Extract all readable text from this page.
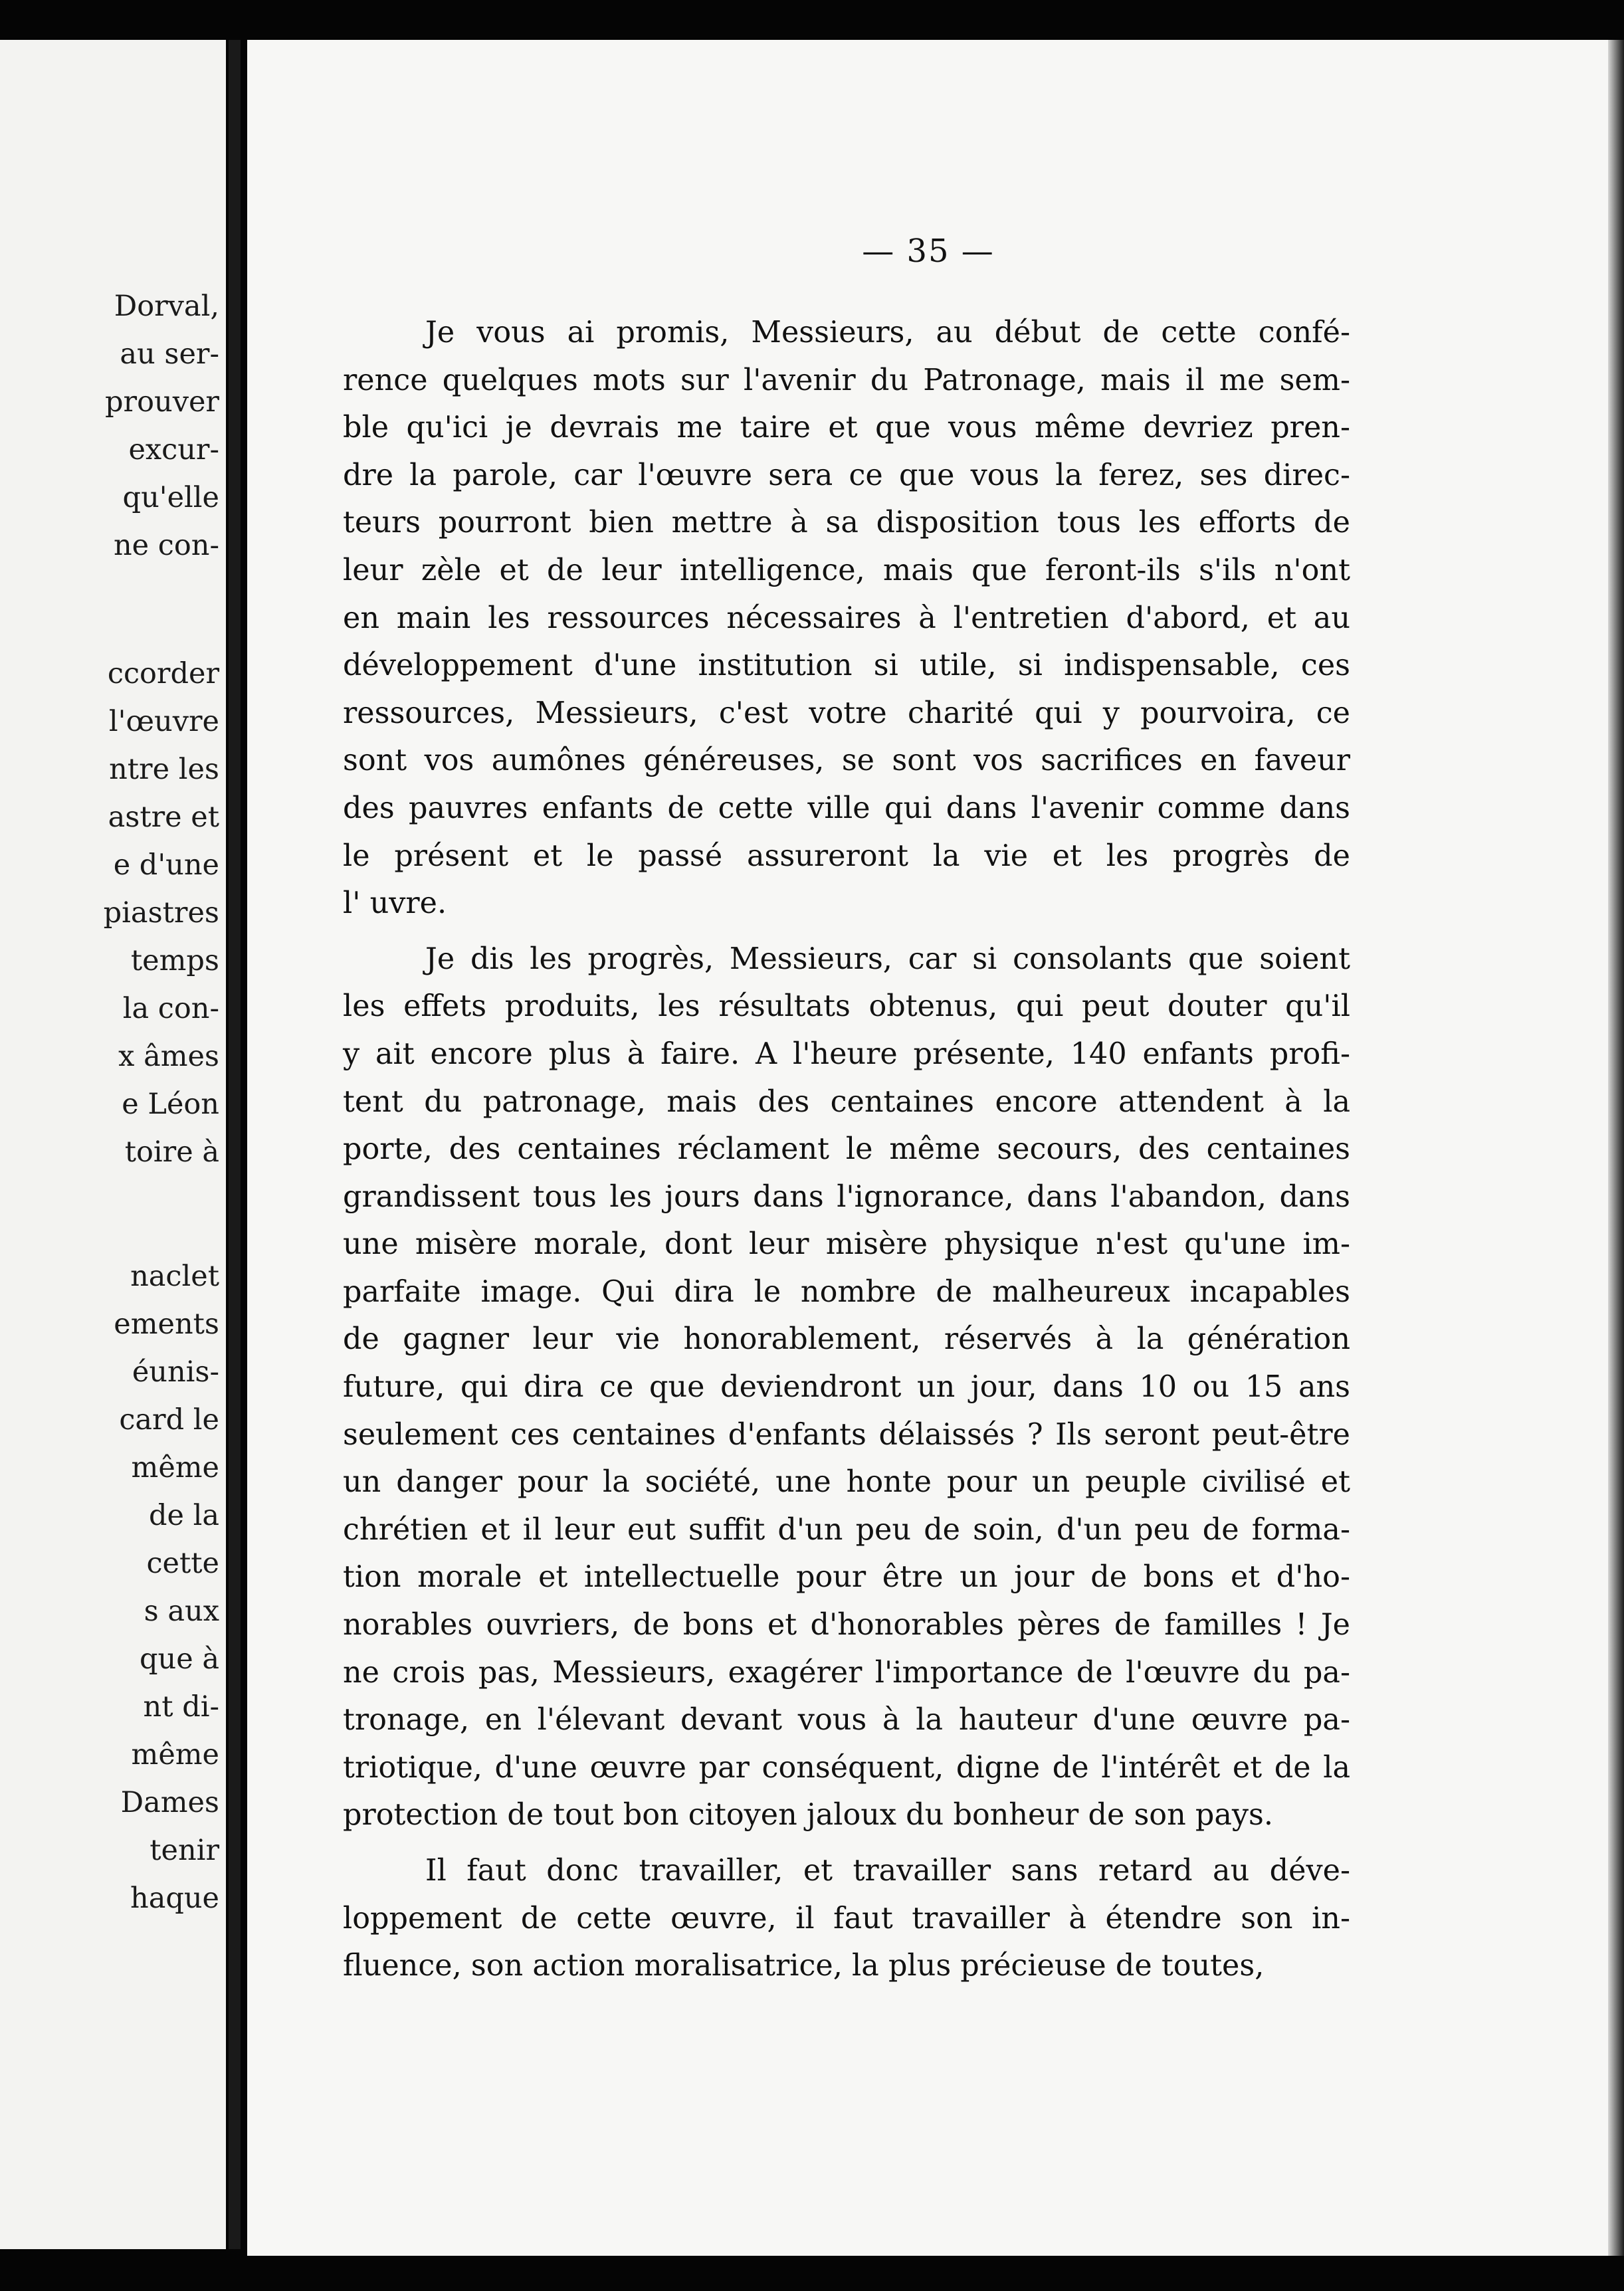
Dorval,
au ser-
prouver
excur-
qu'elle
ne con-
ccorder
l'œuvre
ntre les
astre et
e d'une
piastres
temps
la con-
x âmes
e Léon
toire à
naclet
ements
éunis-
card le
même
de la
cette
s aux
que à
nt di-
même
Dames
tenir
haque
— 35 —
Je vous ai promis, Messieurs, au début de cette confé-
rence quelques mots sur l'avenir du Patronage, mais il me sem-
ble qu'ici je devrais me taire et que vous même devriez pren-
dre la parole, car l'œuvre sera ce que vous la ferez, ses direc-
teurs pourront bien mettre à sa disposition tous les efforts de
leur zèle et de leur intelligence, mais que feront-ils s'ils n'ont
en main les ressources nécessaires à l'entretien d'abord, et au
développement d'une institution si utile, si indispensable, ces
ressources, Messieurs, c'est votre charité qui y pourvoira, ce
sont vos aumônes généreuses, se sont vos sacrifices en faveur
des pauvres enfants de cette ville qui dans l'avenir comme dans
le présent et le passé assureront la vie et les progrès de
l' uvre.
Je dis les progrès, Messieurs, car si consolants que soient
les effets produits, les résultats obtenus, qui peut douter qu'il
y ait encore plus à faire. A l'heure présente, 140 enfants profi-
tent du patronage, mais des centaines encore attendent à la
porte, des centaines réclament le même secours, des centaines
grandissent tous les jours dans l'ignorance, dans l'abandon, dans
une misère morale, dont leur misère physique n'est qu'une im-
parfaite image. Qui dira le nombre de malheureux incapables
de gagner leur vie honorablement, réservés à la génération
future, qui dira ce que deviendront un jour, dans 10 ou 15 ans
seulement ces centaines d'enfants délaissés ? Ils seront peut-être
un danger pour la société, une honte pour un peuple civilisé et
chrétien et il leur eut suffit d'un peu de soin, d'un peu de forma-
tion morale et intellectuelle pour être un jour de bons et d'ho-
norables ouvriers, de bons et d'honorables pères de familles ! Je
ne crois pas, Messieurs, exagérer l'importance de l'œuvre du pa-
tronage, en l'élevant devant vous à la hauteur d'une œuvre pa-
triotique, d'une œuvre par conséquent, digne de l'intérêt et de la
protection de tout bon citoyen jaloux du bonheur de son pays.
Il faut donc travailler, et travailler sans retard au déve-
loppement de cette œuvre, il faut travailler à étendre son in-
fluence, son action moralisatrice, la plus précieuse de toutes,
